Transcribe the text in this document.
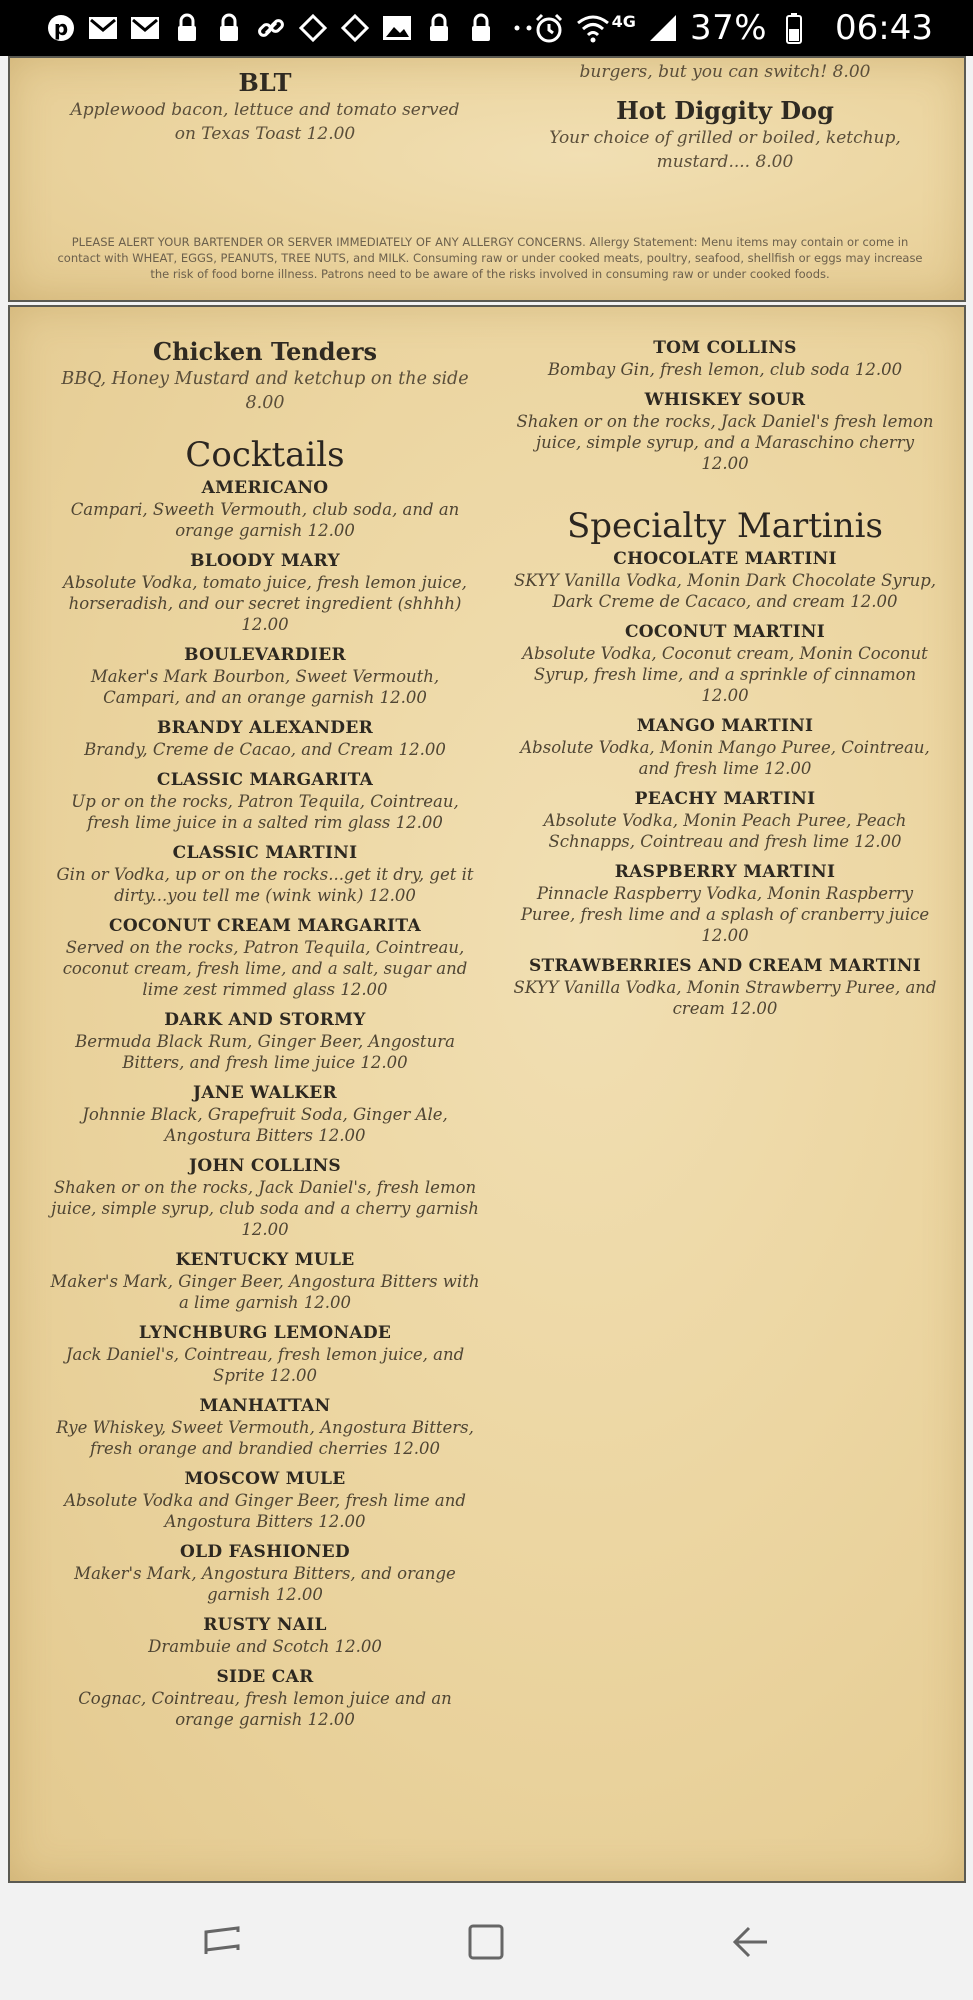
p	4G 37% 06:43
BLT
Applewood bacon, lettuce and tomato served on Texas Toast 12.00
burgers, but you can switch! 8.00
Hot Diggity Dog
Your choice of grilled or boiled, ketchup, mustard.... 8.00
PLEASE ALERT YOUR BARTENDER OR SERVER IMMEDIATELY OF ANY ALLERGY CONCERNS. Allergy Statement: Menu items may contain or come in contact with WHEAT, EGGS, PEANUTS, TREE NUTS, and MILK. Consuming raw or under cooked meats, poultry, seafood, shellfish or eggs may increase the risk of food borne illness. Patrons need to be aware of the risks involved in consuming raw or under cooked foods.
Chicken Tenders
BBQ, Honey Mustard and ketchup on the side 8.00
Cocktails
AMERICANO
Campari, Sweeth Vermouth, club soda, and an orange garnish 12.00
BLOODY MARY
Absolute Vodka, tomato juice, fresh lemon juice, horseradish, and our secret ingredient (shhhh) 12.00
BOULEVARDIER
Maker's Mark Bourbon, Sweet Vermouth, Campari, and an orange garnish 12.00
BRANDY ALEXANDER
Brandy, Creme de Cacao, and Cream 12.00
CLASSIC MARGARITA
Up or on the rocks, Patron Tequila, Cointreau, fresh lime juice in a salted rim glass 12.00
CLASSIC MARTINI
Gin or Vodka, up or on the rocks...get it dry, get it dirty...you tell me (wink wink) 12.00
COCONUT CREAM MARGARITA
Served on the rocks, Patron Tequila, Cointreau, coconut cream, fresh lime, and a salt, sugar and lime zest rimmed glass 12.00
DARK AND STORMY
Bermuda Black Rum, Ginger Beer, Angostura Bitters, and fresh lime juice 12.00
JANE WALKER
Johnnie Black, Grapefruit Soda, Ginger Ale, Angostura Bitters 12.00
JOHN COLLINS
Shaken or on the rocks, Jack Daniel's, fresh lemon juice, simple syrup, club soda and a cherry garnish 12.00
KENTUCKY MULE
Maker's Mark, Ginger Beer, Angostura Bitters with a lime garnish 12.00
LYNCHBURG LEMONADE
Jack Daniel's, Cointreau, fresh lemon juice, and Sprite 12.00
MANHATTAN
Rye Whiskey, Sweet Vermouth, Angostura Bitters, fresh orange and brandied cherries 12.00
MOSCOW MULE
Absolute Vodka and Ginger Beer, fresh lime and Angostura Bitters 12.00
OLD FASHIONED
Maker's Mark, Angostura Bitters, and orange garnish 12.00
RUSTY NAIL
Drambuie and Scotch 12.00
SIDE CAR
Cognac, Cointreau, fresh lemon juice and an orange garnish 12.00
TOM COLLINS
Bombay Gin, fresh lemon, club soda 12.00
WHISKEY SOUR
Shaken or on the rocks, Jack Daniel's fresh lemon juice, simple syrup, and a Maraschino cherry 12.00
Specialty Martinis
CHOCOLATE MARTINI
SKYY Vanilla Vodka, Monin Dark Chocolate Syrup, Dark Creme de Cacaco, and cream 12.00
COCONUT MARTINI
Absolute Vodka, Coconut cream, Monin Coconut Syrup, fresh lime, and a sprinkle of cinnamon 12.00
MANGO MARTINI
Absolute Vodka, Monin Mango Puree, Cointreau, and fresh lime 12.00
PEACHY MARTINI
Absolute Vodka, Monin Peach Puree, Peach Schnapps, Cointreau and fresh lime 12.00
RASPBERRY MARTINI
Pinnacle Raspberry Vodka, Monin Raspberry Puree, fresh lime and a splash of cranberry juice 12.00
STRAWBERRIES AND CREAM MARTINI
SKYY Vanilla Vodka, Monin Strawberry Puree, and cream 12.00
